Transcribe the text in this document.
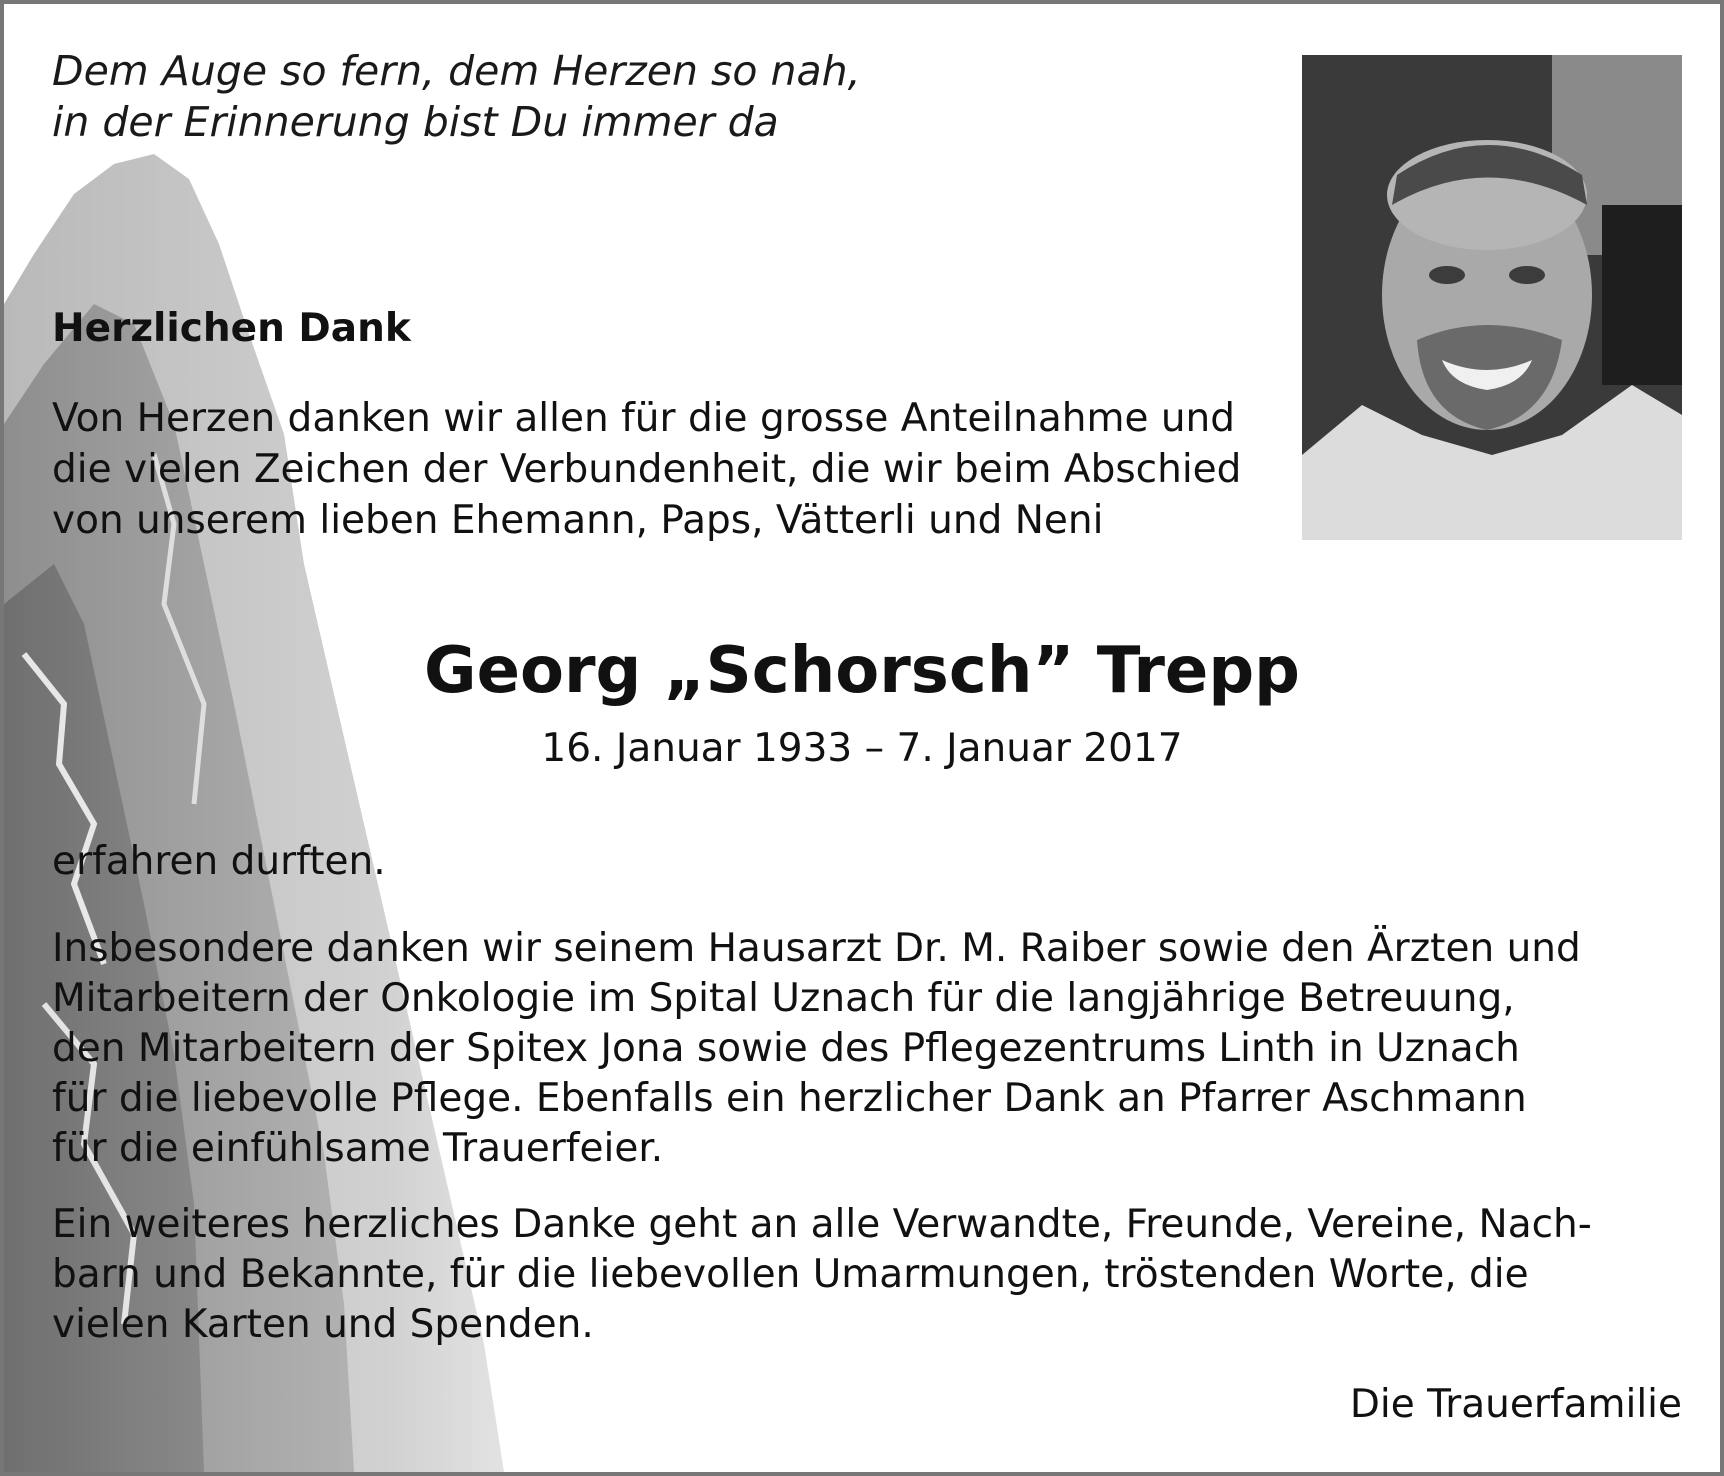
Dem Auge so fern, dem Herzen so nah,
in der Erinnerung bist Du immer da

Herzlichen Dank

Von Herzen danken wir allen für die grosse Anteilnahme und
die vielen Zeichen der Verbundenheit, die wir beim Abschied
von unserem lieben Ehemann, Paps, Vätterli und Neni

Georg „Schorsch” Trepp

16. Januar 1933 – 7. Januar 2017

erfahren durften.

Insbesondere danken wir seinem Hausarzt Dr. M. Raiber sowie den Ärzten und
Mitarbeitern der Onkologie im Spital Uznach für die langjährige Betreuung,
den Mitarbeitern der Spitex Jona sowie des Pflegezentrums Linth in Uznach
für die liebevolle Pflege. Ebenfalls ein herzlicher Dank an Pfarrer Aschmann
für die einfühlsame Trauerfeier.

Ein weiteres herzliches Danke geht an alle Verwandte, Freunde, Vereine, Nach-
barn und Bekannte, für die liebevollen Umarmungen, tröstenden Worte, die
vielen Karten und Spenden.

Die Trauerfamilie
